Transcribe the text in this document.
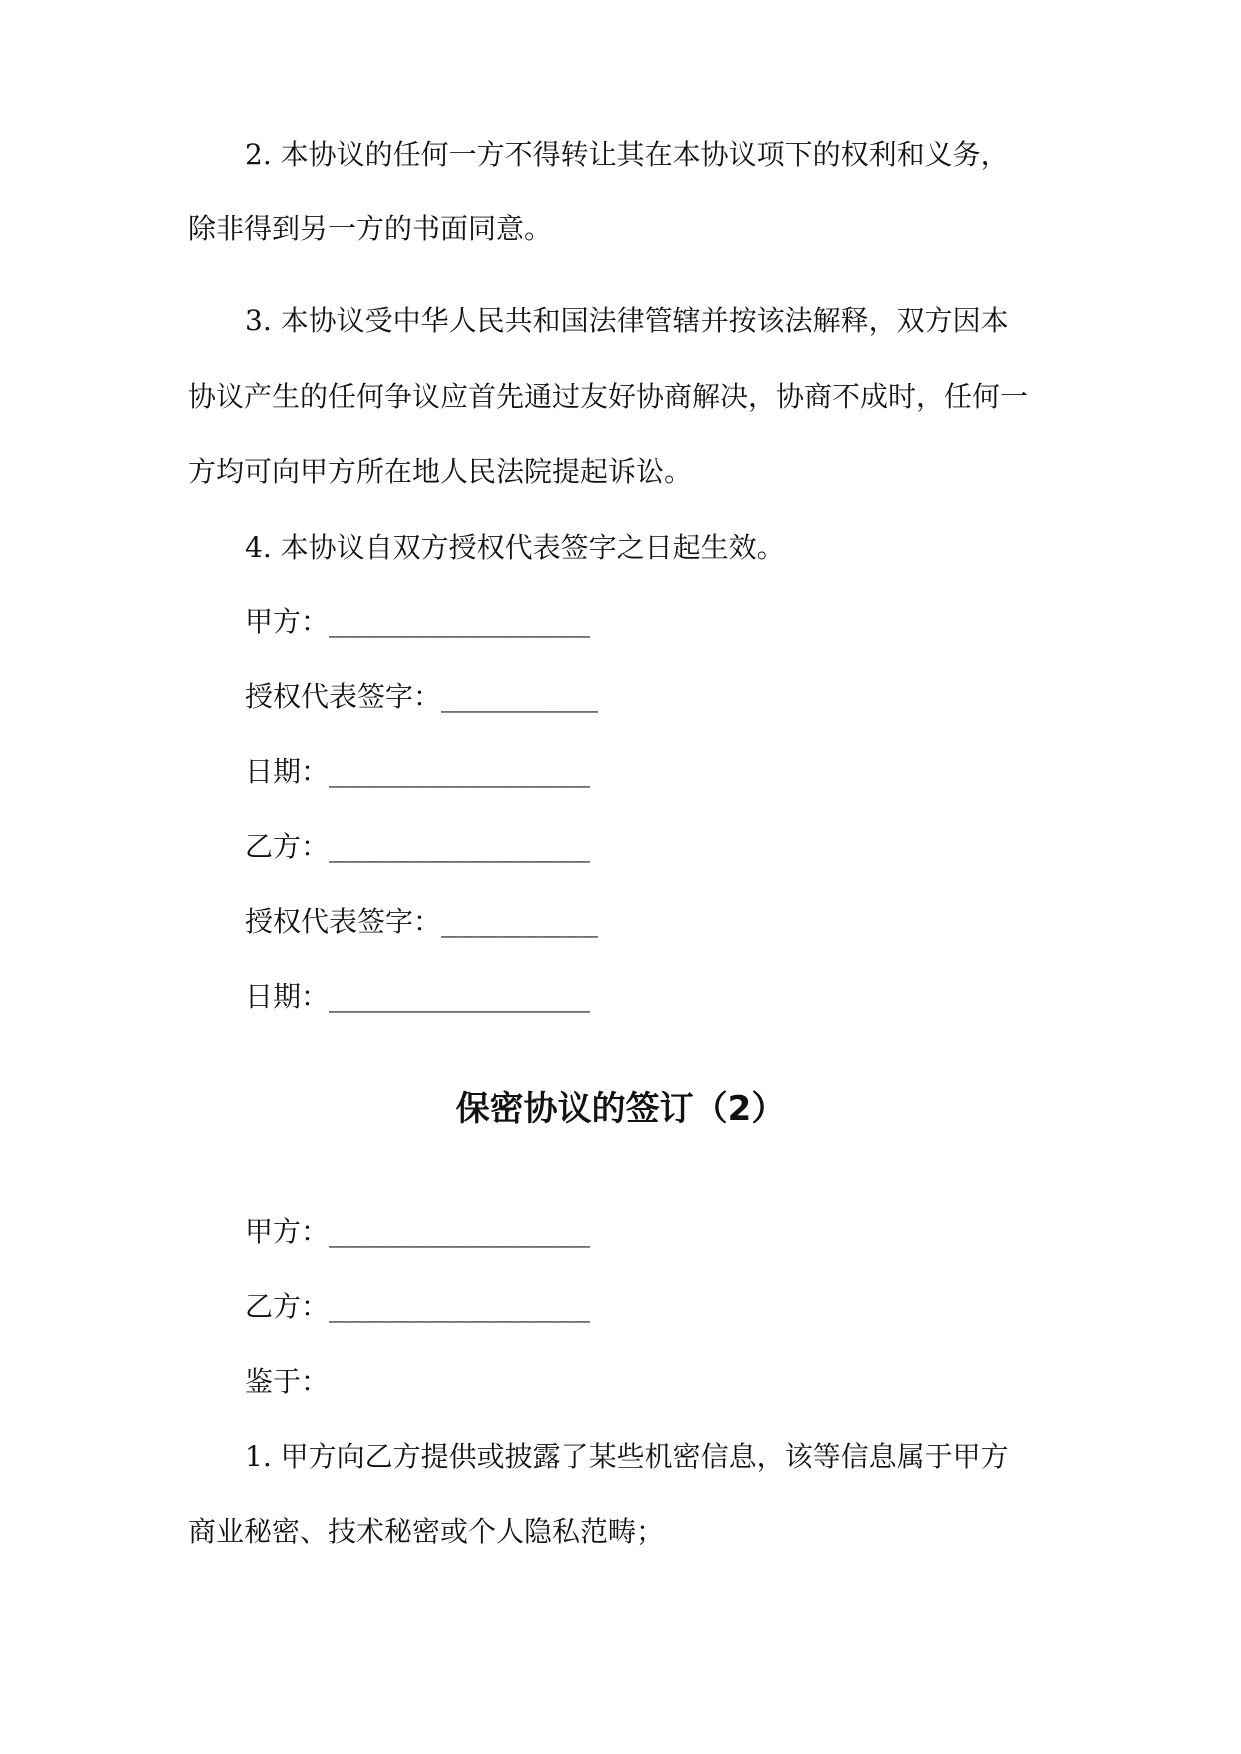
2. 本协议的任何一方不得转让其在本协议项下的权利和义务，
除非得到另一方的书面同意。
3. 本协议受中华人民共和国法律管辖并按该法解释，双方因本
协议产生的任何争议应首先通过友好协商解决，协商不成时，任何一
方均可向甲方所在地人民法院提起诉讼。
4. 本协议自双方授权代表签字之日起生效。
甲方：____________________
授权代表签字：____________
日期：____________________
乙方：____________________
授权代表签字：____________
日期：____________________
保密协议的签订（2）
甲方：____________________
乙方：____________________
鉴于：
1. 甲方向乙方提供或披露了某些机密信息，该等信息属于甲方
商业秘密、技术秘密或个人隐私范畴；
